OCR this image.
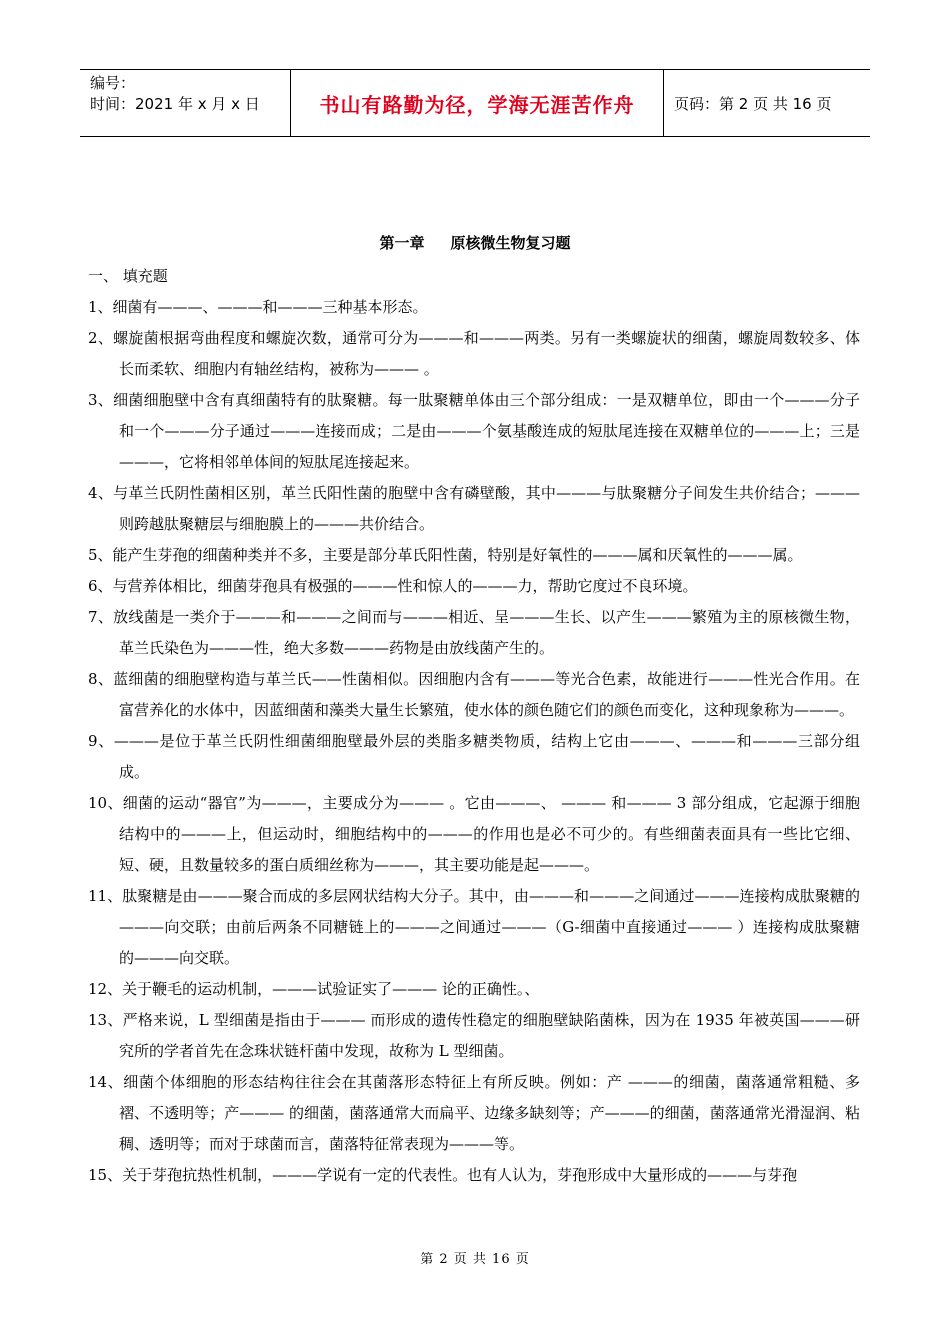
编号：
时间：2021 年 x 月 x 日	书山有路勤为径，学海无涯苦作舟	页码：第 2 页 共 16 页
第一章 原核微生物复习题
一、 填充题
1、细菌有———、———和———三种基本形态。
2、螺旋菌根据弯曲程度和螺旋次数，通常可分为———和———两类。另有一类螺旋状的细菌，螺旋周数较多、体长而柔软、细胞内有轴丝结构，被称为——— 。
3、细菌细胞壁中含有真细菌特有的肽聚糖。每一肽聚糖单体由三个部分组成：一是双糖单位，即由一个———分子和一个———分子通过———连接而成；二是由———个氨基酸连成的短肽尾连接在双糖单位的———上；三是———，它将相邻单体间的短肽尾连接起来。
4、与革兰氏阴性菌相区别，革兰氏阳性菌的胞壁中含有磷壁酸，其中———与肽聚糖分子间发生共价结合；———则跨越肽聚糖层与细胞膜上的———共价结合。
5、能产生芽孢的细菌种类并不多，主要是部分革氏阳性菌，特别是好氧性的———属和厌氧性的———属。
6、与营养体相比，细菌芽孢具有极强的———性和惊人的———力，帮助它度过不良环境。
7、放线菌是一类介于———和———之间而与———相近、呈———生长、以产生———繁殖为主的原核微生物，革兰氏染色为———性，绝大多数———药物是由放线菌产生的。
8、蓝细菌的细胞壁构造与革兰氏——性菌相似。因细胞内含有———等光合色素，故能进行———性光合作用。在富营养化的水体中，因蓝细菌和藻类大量生长繁殖，使水体的颜色随它们的颜色而变化，这种现象称为———。
9、———是位于革兰氏阴性细菌细胞壁最外层的类脂多糖类物质，结构上它由———、———和———三部分组成。
10、细菌的运动“器官”为———，主要成分为——— 。它由———、 ——— 和——— 3 部分组成，它起源于细胞结构中的———上，但运动时，细胞结构中的———的作用也是必不可少的。有些细菌表面具有一些比它细、短、硬，且数量较多的蛋白质细丝称为———，其主要功能是起———。
11、肽聚糖是由———聚合而成的多层网状结构大分子。其中，由———和———之间通过———连接构成肽聚糖的 ———向交联；由前后两条不同糖链上的———之间通过———（G-细菌中直接通过——— ）连接构成肽聚糖的———向交联。
12、关于鞭毛的运动机制，———试验证实了——— 论的正确性。、
13、严格来说，L 型细菌是指由于——— 而形成的遗传性稳定的细胞壁缺陷菌株，因为在 1935 年被英国———研究所的学者首先在念珠状链杆菌中发现，故称为 L 型细菌。
14、细菌个体细胞的形态结构往往会在其菌落形态特征上有所反映。例如：产 ———的细菌，菌落通常粗糙、多褶、不透明等；产——— 的细菌，菌落通常大而扁平、边缘多缺刻等；产———的细菌，菌落通常光滑湿润、粘稠、透明等；而对于球菌而言，菌落特征常表现为———等。
15、关于芽孢抗热性机制，———学说有一定的代表性。也有人认为，芽孢形成中大量形成的———与芽孢
第 2 页 共 16 页
